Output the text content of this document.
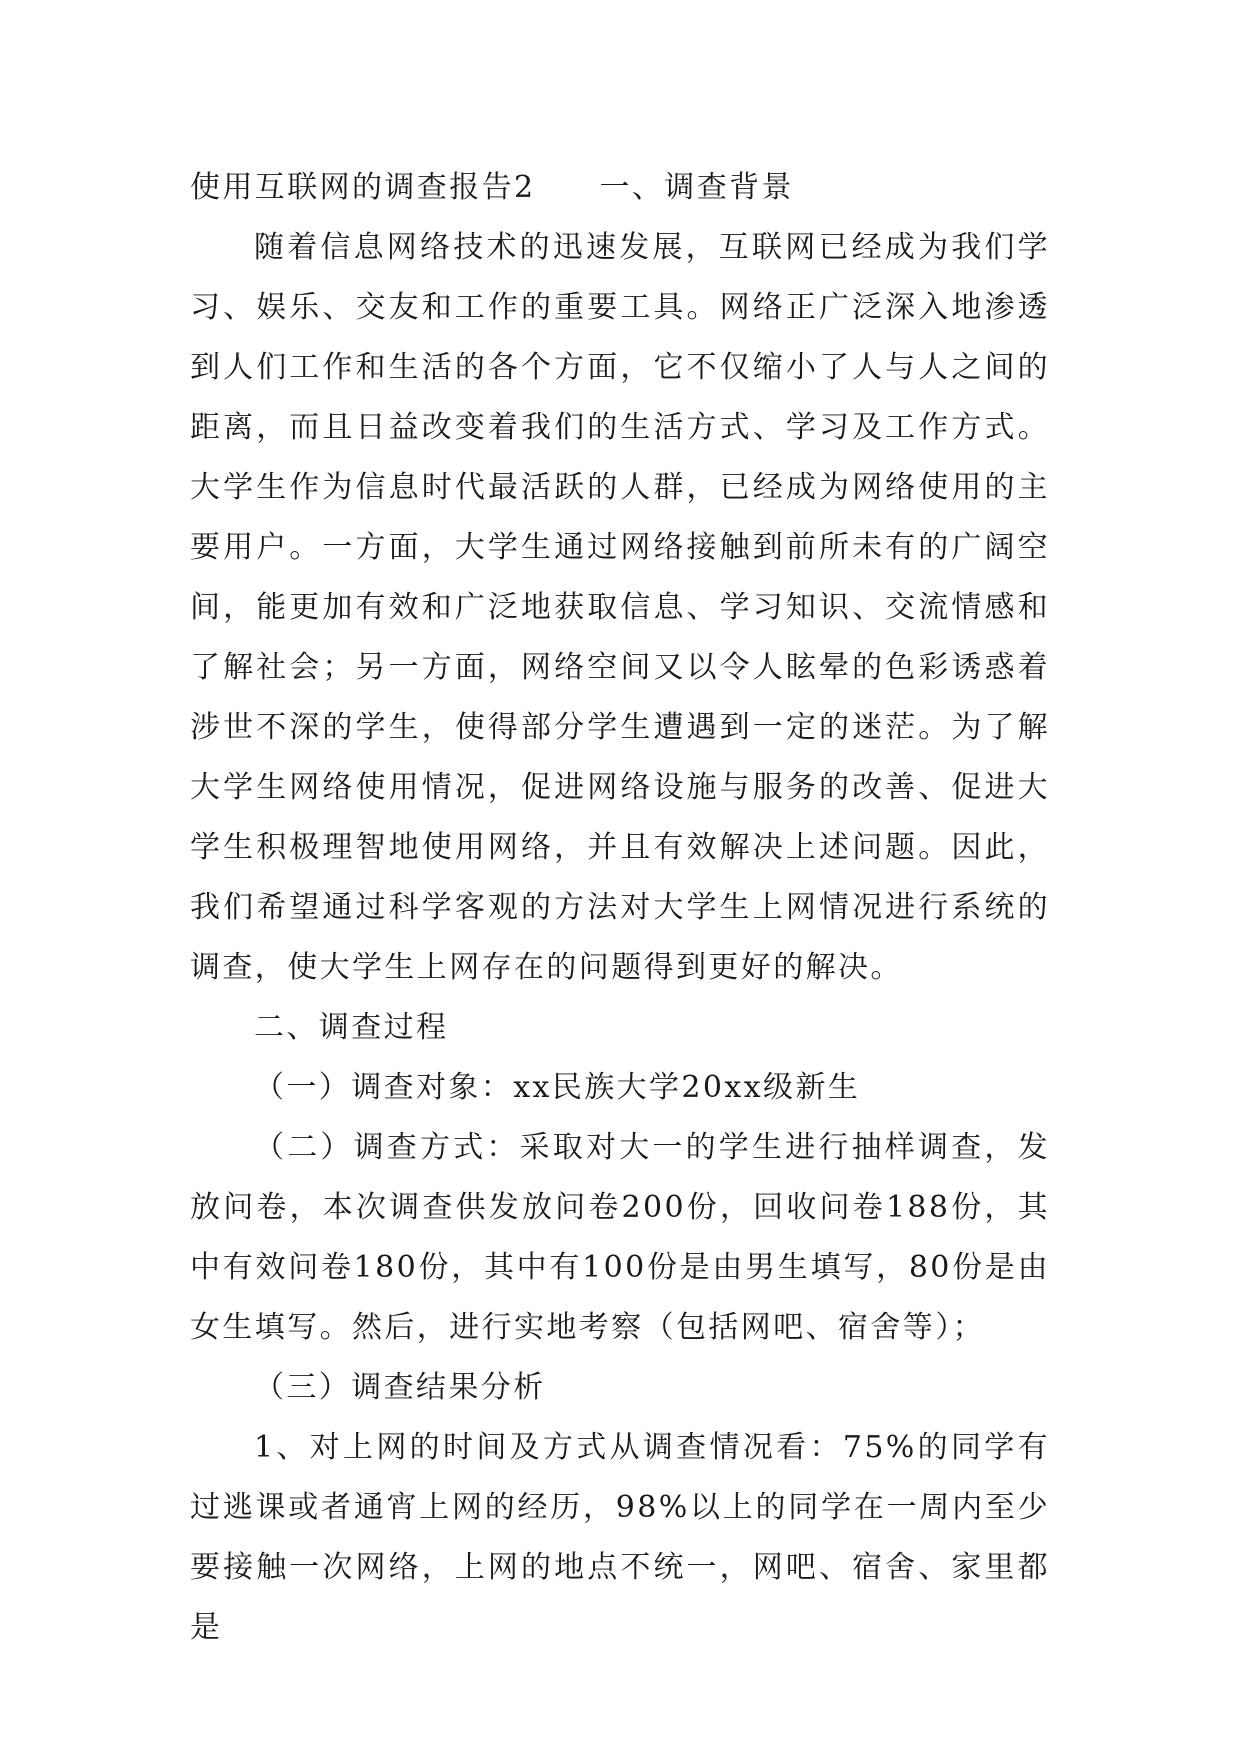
使用互联网的调查报告2 一、调查背景

随着信息网络技术的迅速发展，互联网已经成为我们学习、娱乐、交友和工作的重要工具。网络正广泛深入地渗透到人们工作和生活的各个方面，它不仅缩小了人与人之间的距离，而且日益改变着我们的生活方式、学习及工作方式。大学生作为信息时代最活跃的人群，已经成为网络使用的主要用户。一方面，大学生通过网络接触到前所未有的广阔空间，能更加有效和广泛地获取信息、学习知识、交流情感和了解社会；另一方面，网络空间又以令人眩晕的色彩诱惑着涉世不深的学生，使得部分学生遭遇到一定的迷茫。为了解大学生网络使用情况，促进网络设施与服务的改善、促进大学生积极理智地使用网络，并且有效解决上述问题。因此，我们希望通过科学客观的方法对大学生上网情况进行系统的调查，使大学生上网存在的问题得到更好的解决。

二、调查过程

（一）调查对象：xx民族大学20xx级新生

（二）调查方式：采取对大一的学生进行抽样调查，发放问卷，本次调查供发放问卷200份，回收问卷188份，其中有效问卷180份，其中有100份是由男生填写，80份是由女生填写。然后，进行实地考察（包括网吧、宿舍等）；

（三）调查结果分析

1、对上网的时间及方式从调查情况看：75%的同学有过逃课或者通宵上网的经历，98%以上的同学在一周内至少要接触一次网络，上网的地点不统一，网吧、宿舍、家里都是
